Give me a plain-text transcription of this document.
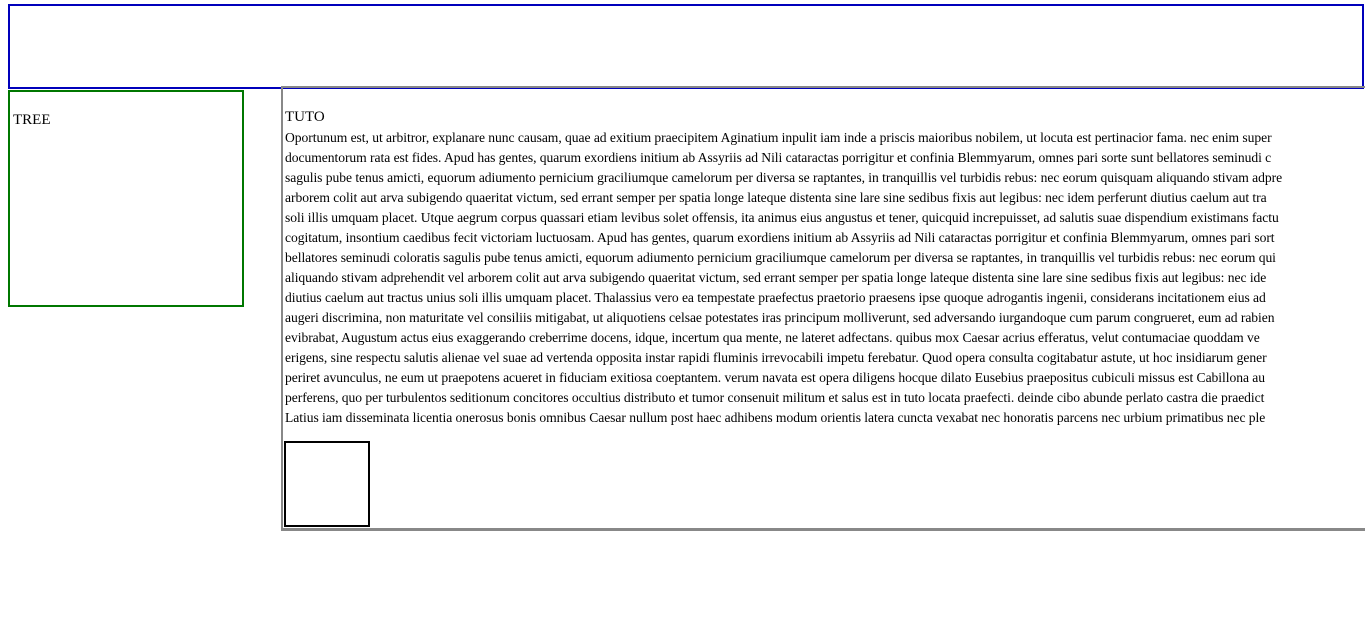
TREE	TUTO
Oportunum est, ut arbitror, explanare nunc causam, quae ad exitium praecipitem Aginatium inpulit iam inde a priscis maioribus nobilem, ut locuta est pertinacior fama. nec enim super
documentorum rata est fides. Apud has gentes, quarum exordiens initium ab Assyriis ad Nili cataractas porrigitur et confinia Blemmyarum, omnes pari sorte sunt bellatores seminudi c
sagulis pube tenus amicti, equorum adiumento pernicium graciliumque camelorum per diversa se raptantes, in tranquillis vel turbidis rebus: nec eorum quisquam aliquando stivam adpre
arborem colit aut arva subigendo quaeritat victum, sed errant semper per spatia longe lateque distenta sine lare sine sedibus fixis aut legibus: nec idem perferunt diutius caelum aut tra
soli illis umquam placet. Utque aegrum corpus quassari etiam levibus solet offensis, ita animus eius angustus et tener, quicquid increpuisset, ad salutis suae dispendium existimans factu
cogitatum, insontium caedibus fecit victoriam luctuosam. Apud has gentes, quarum exordiens initium ab Assyriis ad Nili cataractas porrigitur et confinia Blemmyarum, omnes pari sort
bellatores seminudi coloratis sagulis pube tenus amicti, equorum adiumento pernicium graciliumque camelorum per diversa se raptantes, in tranquillis vel turbidis rebus: nec eorum qui
aliquando stivam adprehendit vel arborem colit aut arva subigendo quaeritat victum, sed errant semper per spatia longe lateque distenta sine lare sine sedibus fixis aut legibus: nec ide
diutius caelum aut tractus unius soli illis umquam placet. Thalassius vero ea tempestate praefectus praetorio praesens ipse quoque adrogantis ingenii, considerans incitationem eius ad
augeri discrimina, non maturitate vel consiliis mitigabat, ut aliquotiens celsae potestates iras principum molliverunt, sed adversando iurgandoque cum parum congrueret, eum ad rabien
evibrabat, Augustum actus eius exaggerando creberrime docens, idque, incertum qua mente, ne lateret adfectans. quibus mox Caesar acrius efferatus, velut contumaciae quoddam ve
erigens, sine respectu salutis alienae vel suae ad vertenda opposita instar rapidi fluminis irrevocabili impetu ferebatur. Quod opera consulta cogitabatur astute, ut hoc insidiarum gener
periret avunculus, ne eum ut praepotens acueret in fiduciam exitiosa coeptantem. verum navata est opera diligens hocque dilato Eusebius praepositus cubiculi missus est Cabillona au
perferens, quo per turbulentos seditionum concitores occultius distributo et tumor consenuit militum et salus est in tuto locata praefecti. deinde cibo abunde perlato castra die praedict
Latius iam disseminata licentia onerosus bonis omnibus Caesar nullum post haec adhibens modum orientis latera cuncta vexabat nec honoratis parcens nec urbium primatibus nec ple
